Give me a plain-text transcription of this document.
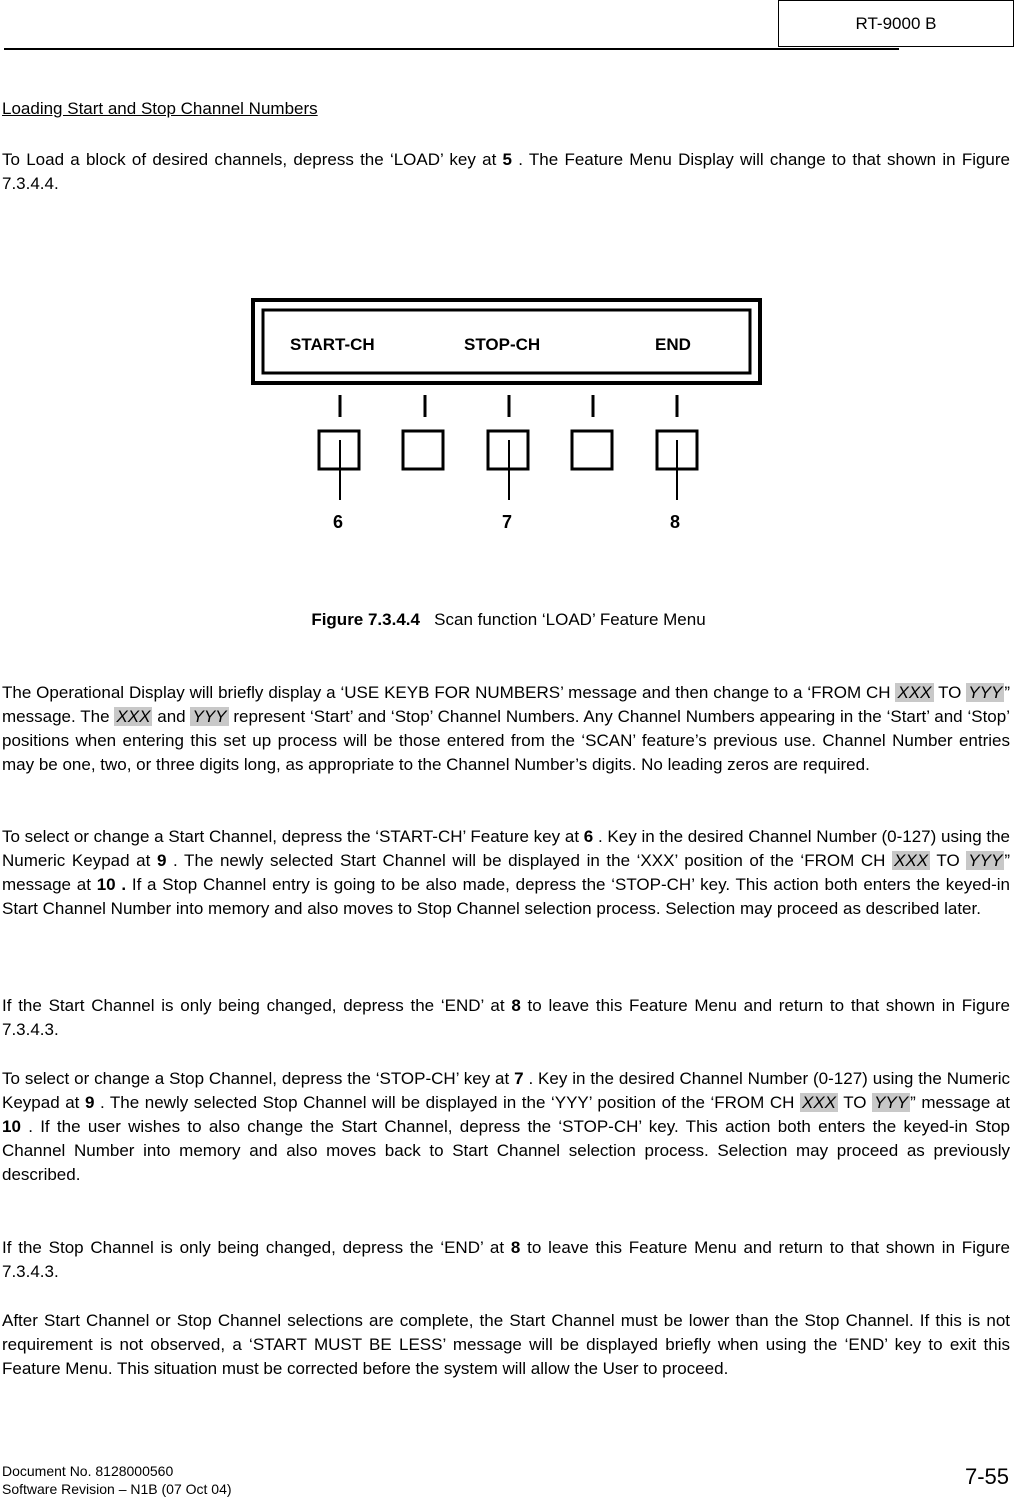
RT-9000 B
Loading Start and Stop Channel Numbers
To Load a block of desired channels, depress the ‘LOAD’ key at 5 . The Feature Menu Display will change to that shown in Figure 7.3.4.4.
START-CH	STOP-CH	END
6	7	8
Figure 7.3.4.4 Scan function ‘LOAD’ Feature Menu
The Operational Display will briefly display a ‘USE KEYB FOR NUMBERS’ message and then change to a ‘FROM CH XXX TO YYY ” message. The XXX and YYY represent ‘Start’ and ‘Stop’ Channel Numbers. Any Channel Numbers appearing in the ‘Start’ and ‘Stop’ positions when entering this set up process will be those entered from the ‘SCAN’ feature’s previous use. Channel Number entries may be one, two, or three digits long, as appropriate to the Channel Number’s digits. No leading zeros are required.
To select or change a Start Channel, depress the ‘START-CH’ Feature key at 6 . Key in the desired Channel Number (0-127) using the Numeric Keypad at 9 . The newly selected Start Channel will be displayed in the ‘XXX’ position of the ‘FROM CH XXX TO YYY ” message at 10 . If a Stop Channel entry is going to be also made, depress the ‘STOP-CH’ key. This action both enters the keyed-in Start Channel Number into memory and also moves to Stop Channel selection process. Selection may proceed as described later.
If the Start Channel is only being changed, depress the ‘END’ at 8 to leave this Feature Menu and return to that shown in Figure 7.3.4.3.
To select or change a Stop Channel, depress the ‘STOP-CH’ key at 7 . Key in the desired Channel Number (0-127) using the Numeric Keypad at 9 . The newly selected Stop Channel will be displayed in the ‘YYY’ position of the ‘FROM CH XXX TO YYY ” message at 10 . If the user wishes to also change the Start Channel, depress the ‘STOP-CH’ key. This action both enters the keyed-in Stop Channel Number into memory and also moves back to Start Channel selection process. Selection may proceed as previously described.
If the Stop Channel is only being changed, depress the ‘END’ at 8 to leave this Feature Menu and return to that shown in Figure 7.3.4.3.
After Start Channel or Stop Channel selections are complete, the Start Channel must be lower than the Stop Channel. If this is not requirement is not observed, a ‘START MUST BE LESS’ message will be displayed briefly when using the ‘END’ key to exit this Feature Menu. This situation must be corrected before the system will allow the User to proceed.
Document No. 8128000560
Software Revision – N1B (07 Oct 04)	7-55
